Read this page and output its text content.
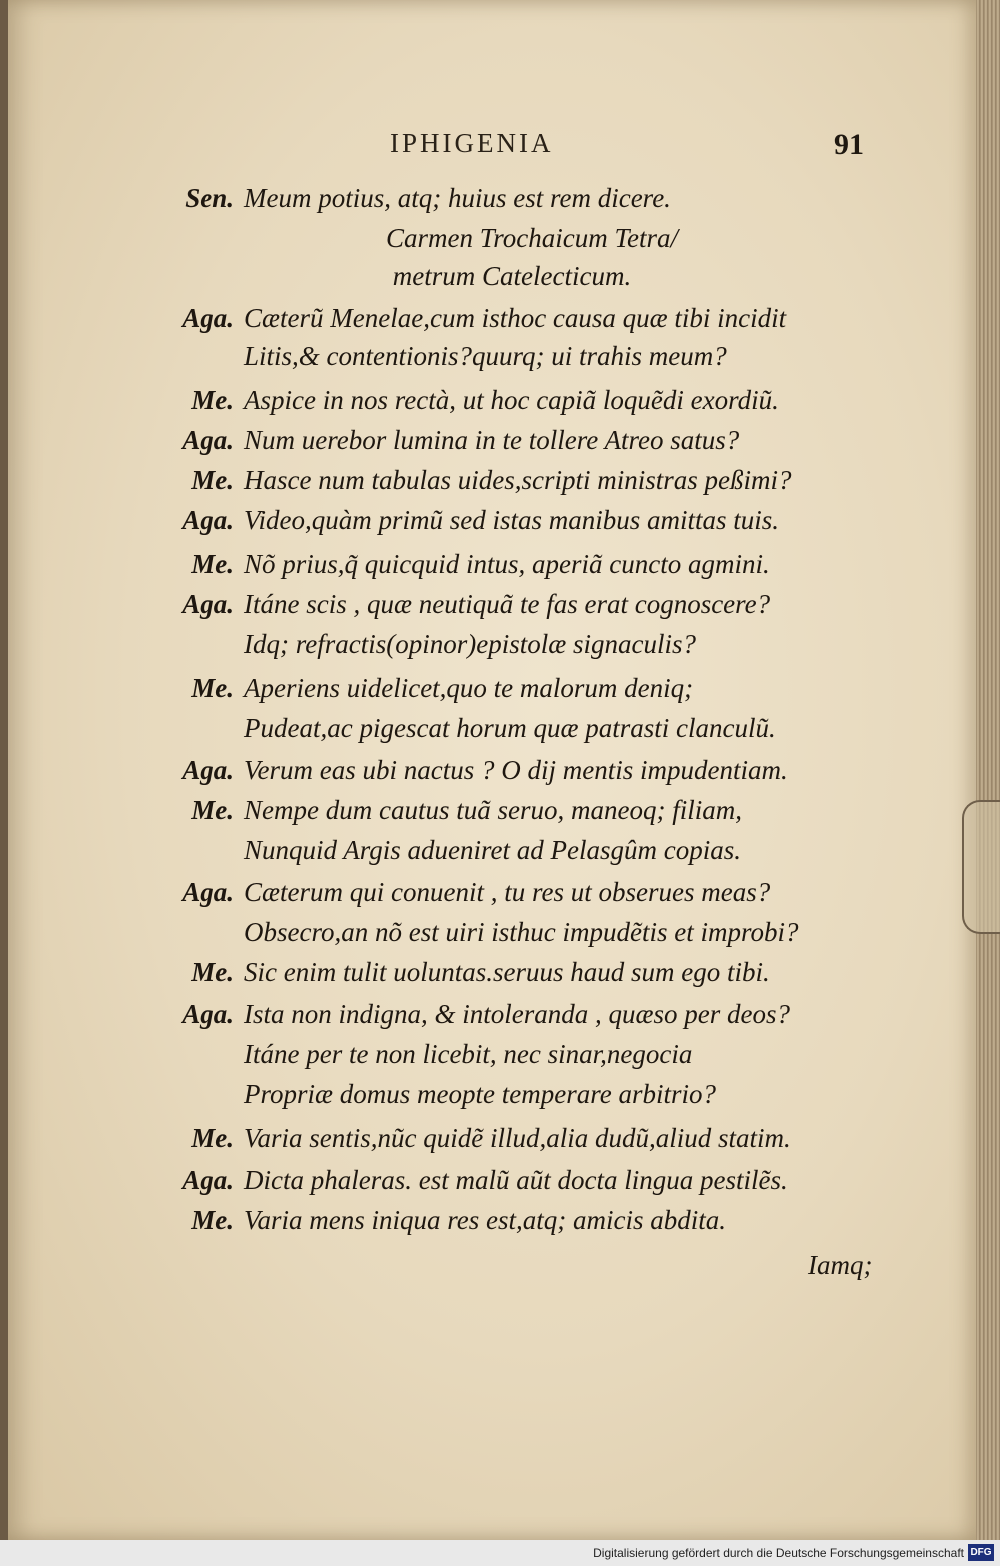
IPHIGENIA	91
Sen. Meum potius, atq; huius est rem dicere.
Carmen Trochaicum Tetra/
metrum Catelecticum.
Aga. Cæterũ Menelae,cum isthoc causa quæ tibi incidit
Litis,& contentionis?quurq; ui trahis meum?
Me. Aspice in nos rectà, ut hoc capiã loquẽdi exordiũ.
Aga. Num uerebor lumina in te tollere Atreo satus?
Me. Hasce num tabulas uides,scripti ministras peßimi?
Aga. Video,quàm primũ sed istas manibus amittas tuis.
Me. Nõ prius,q̃ quicquid intus, aperiã cuncto agmini.
Aga. Itáne scis , quæ neutiquã te fas erat cognoscere?
Idq; refractis(opinor)epistolæ signaculis?
Me. Aperiens uidelicet,quo te malorum deniq;
Pudeat,ac pigescat horum quæ patrasti clanculũ.
Aga. Verum eas ubi nactus ? O dij mentis impudentiam.
Me. Nempe dum cautus tuã seruo, maneoq; filiam,
Nunquid Argis adueniret ad Pelasgûm copias.
Aga. Cæterum qui conuenit , tu res ut obserues meas?
Obsecro,an nõ est uiri isthuc impudẽtis et improbi?
Me. Sic enim tulit uoluntas.seruus haud sum ego tibi.
Aga. Ista non indigna, & intoleranda , quæso per deos?
Itáne per te non licebit, nec sinar,negocia
Propriæ domus meopte temperare arbitrio?
Me. Varia sentis,nũc quidẽ illud,alia dudũ,aliud statim.
Aga. Dicta phaleras. est malũ aũt docta lingua pestilẽs.
Me. Varia mens iniqua res est,atq; amicis abdita.
Iamq;
Digitalisierung gefördert durch die Deutsche Forschungsgemeinschaft DFG
